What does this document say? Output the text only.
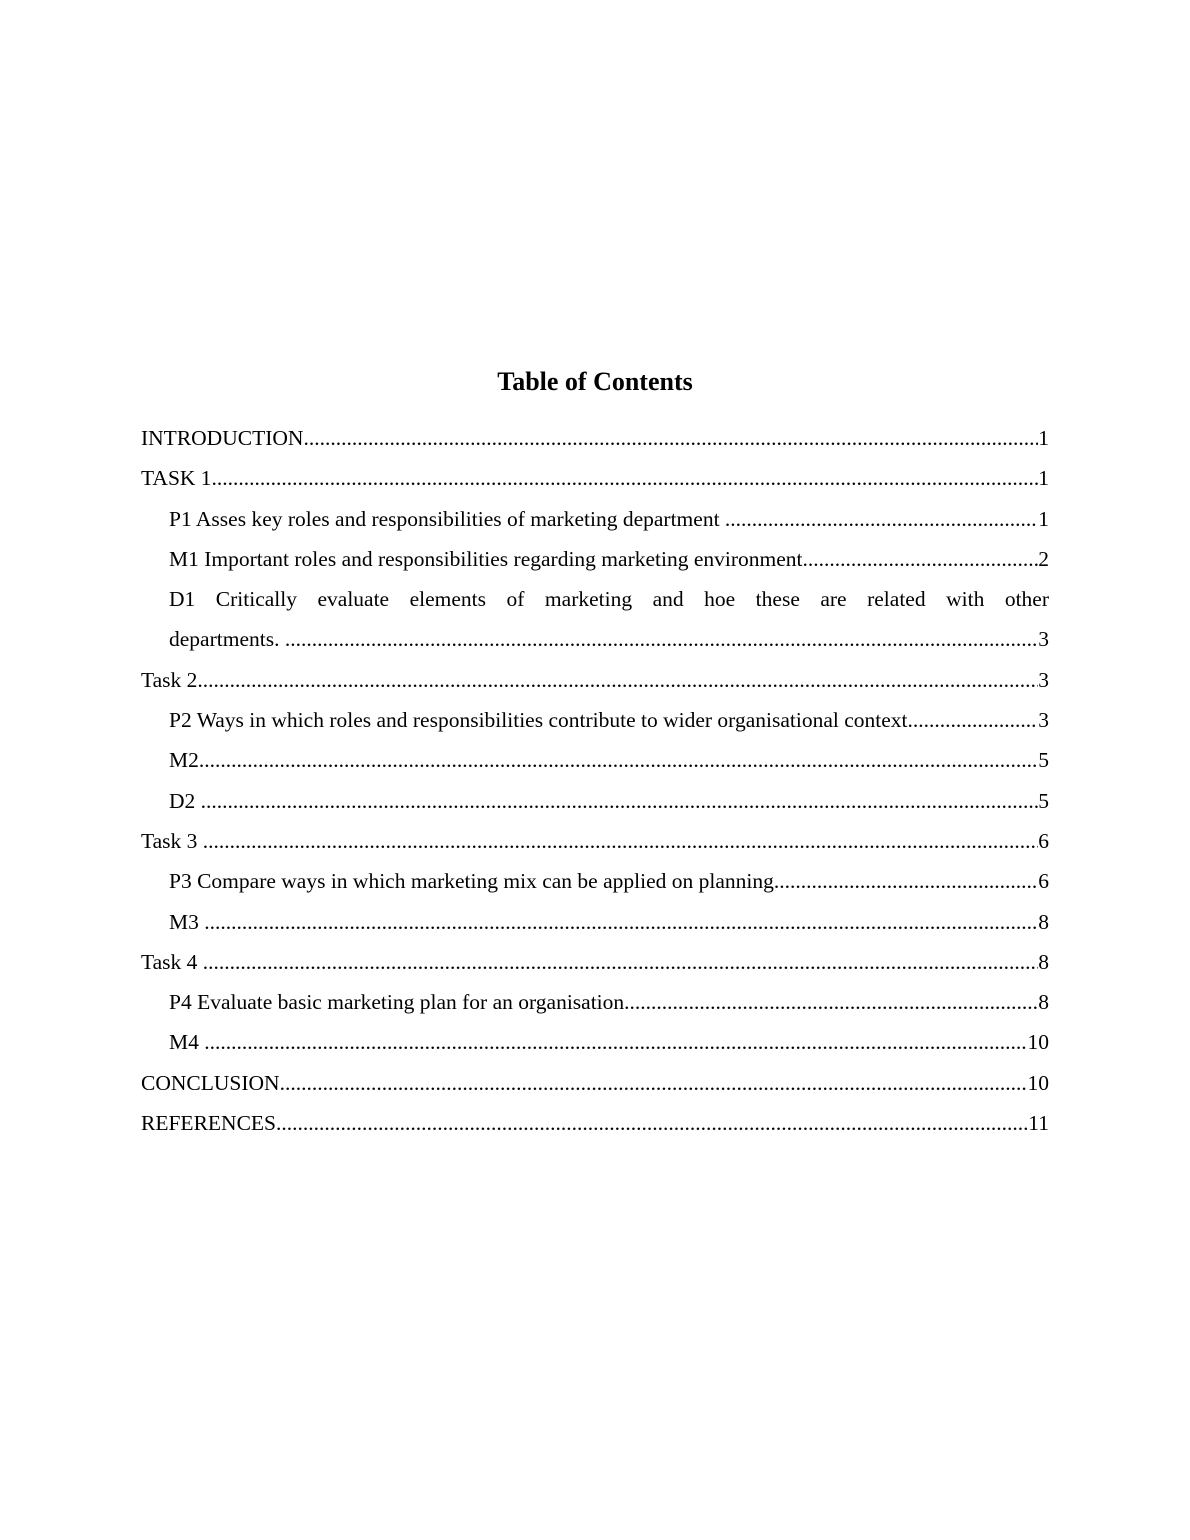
Table of Contents
INTRODUCTION .....	1
TASK 1 .....	1
P1 Asses key roles and responsibilities of marketing department .....	1
M1 Important roles and responsibilities regarding marketing environment .....	2
D1 Critically evaluate elements of marketing and hoe these are related with other
departments. .....	3
Task 2 .....	3
P2 Ways in which roles and responsibilities contribute to wider organisational context .....	3
M2 .....	5
D2 .....	5
Task 3 .....	6
P3 Compare ways in which marketing mix can be applied on planning .....	6
M3 .....	8
Task 4 .....	8
P4 Evaluate basic marketing plan for an organisation .....	8
M4 .....	10
CONCLUSION .....	10
REFERENCES .....	11
